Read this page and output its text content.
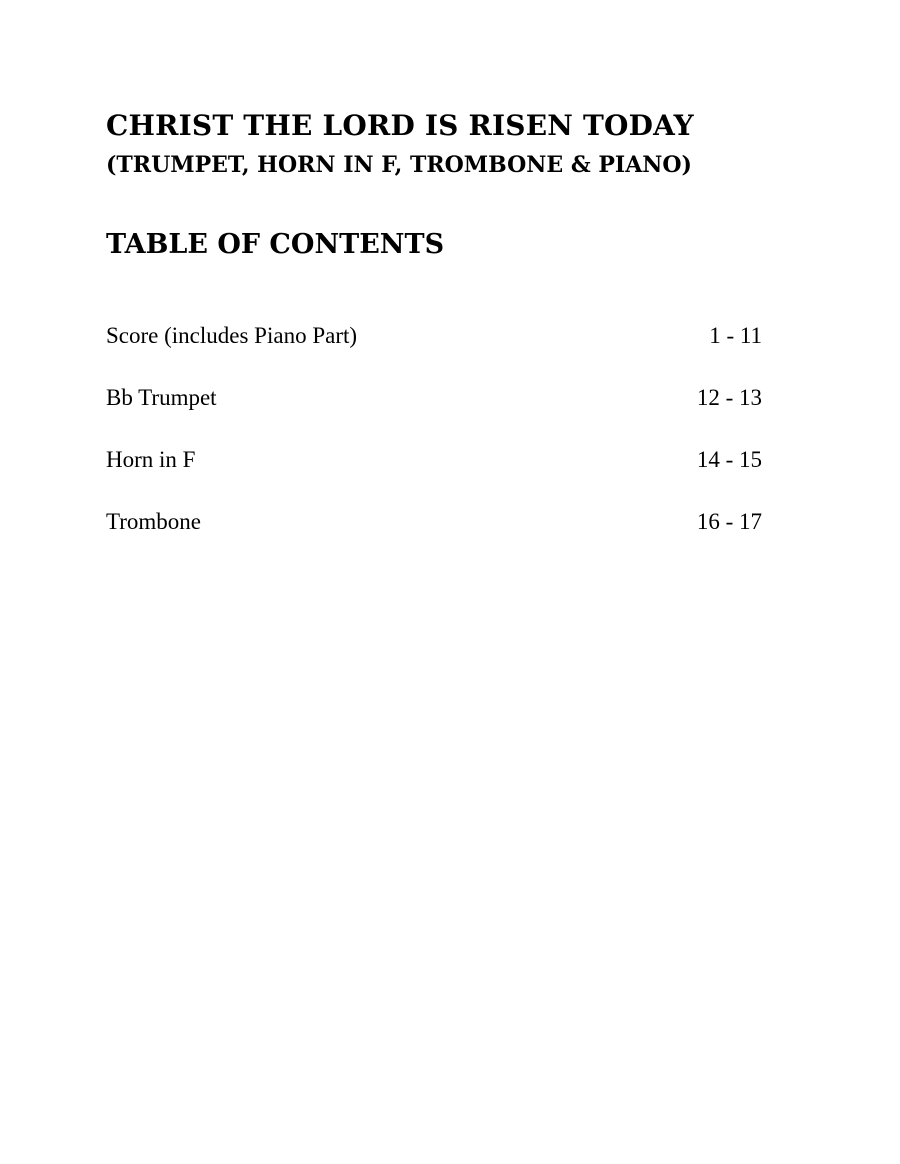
CHRIST THE LORD IS RISEN TODAY
(TRUMPET, HORN IN F, TROMBONE & PIANO)
TABLE OF CONTENTS
Score (includes Piano Part)	1 - 11
Bb Trumpet	12 - 13
Horn in F	14 - 15
Trombone	16 - 17
